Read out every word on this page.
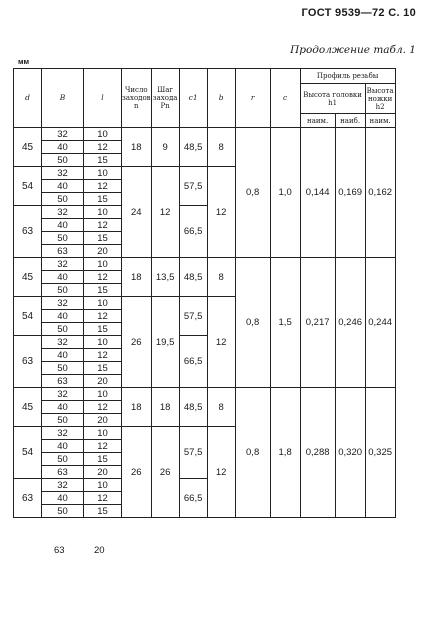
ГОСТ 9539—72 С. 10
Продолжение табл. 1
мм
d	B	l	Число заходов n	Шаг захода Pn	c1	b	r	c	Профиль резьбы		
									Высота головки h1		Высота ножки h2
									наим.	наиб.	наим.
45	32	10	18	9	48,5	8	0,8	1,0	0,144	0,169	0,162
	40	12									
	50	15									
54	32	10	24	12	57,5	12					
	40	12									
	50	15									
63	32	10			66,5						
	40	12									
	50	15									
	63	20									
45	32	10	18	13,5	48,5	8	0,8	1,5	0,217	0,246	0,244
	40	12									
	50	15									
54	32	10	26	19,5	57,5	12					
	40	12									
	50	15									
63	32	10			66,5						
	40	12									
	50	15									
	63	20									
45	32	10	18	18	48,5	8	0,8	1,8	0,288	0,320	0,325
	40	12									
	50	20									
54	32	10	26	26	57,5	12					
	40	12									
	50	15									
	63	20									
63	32	10			66,5						
	40	12									
	50	15									
63	20
